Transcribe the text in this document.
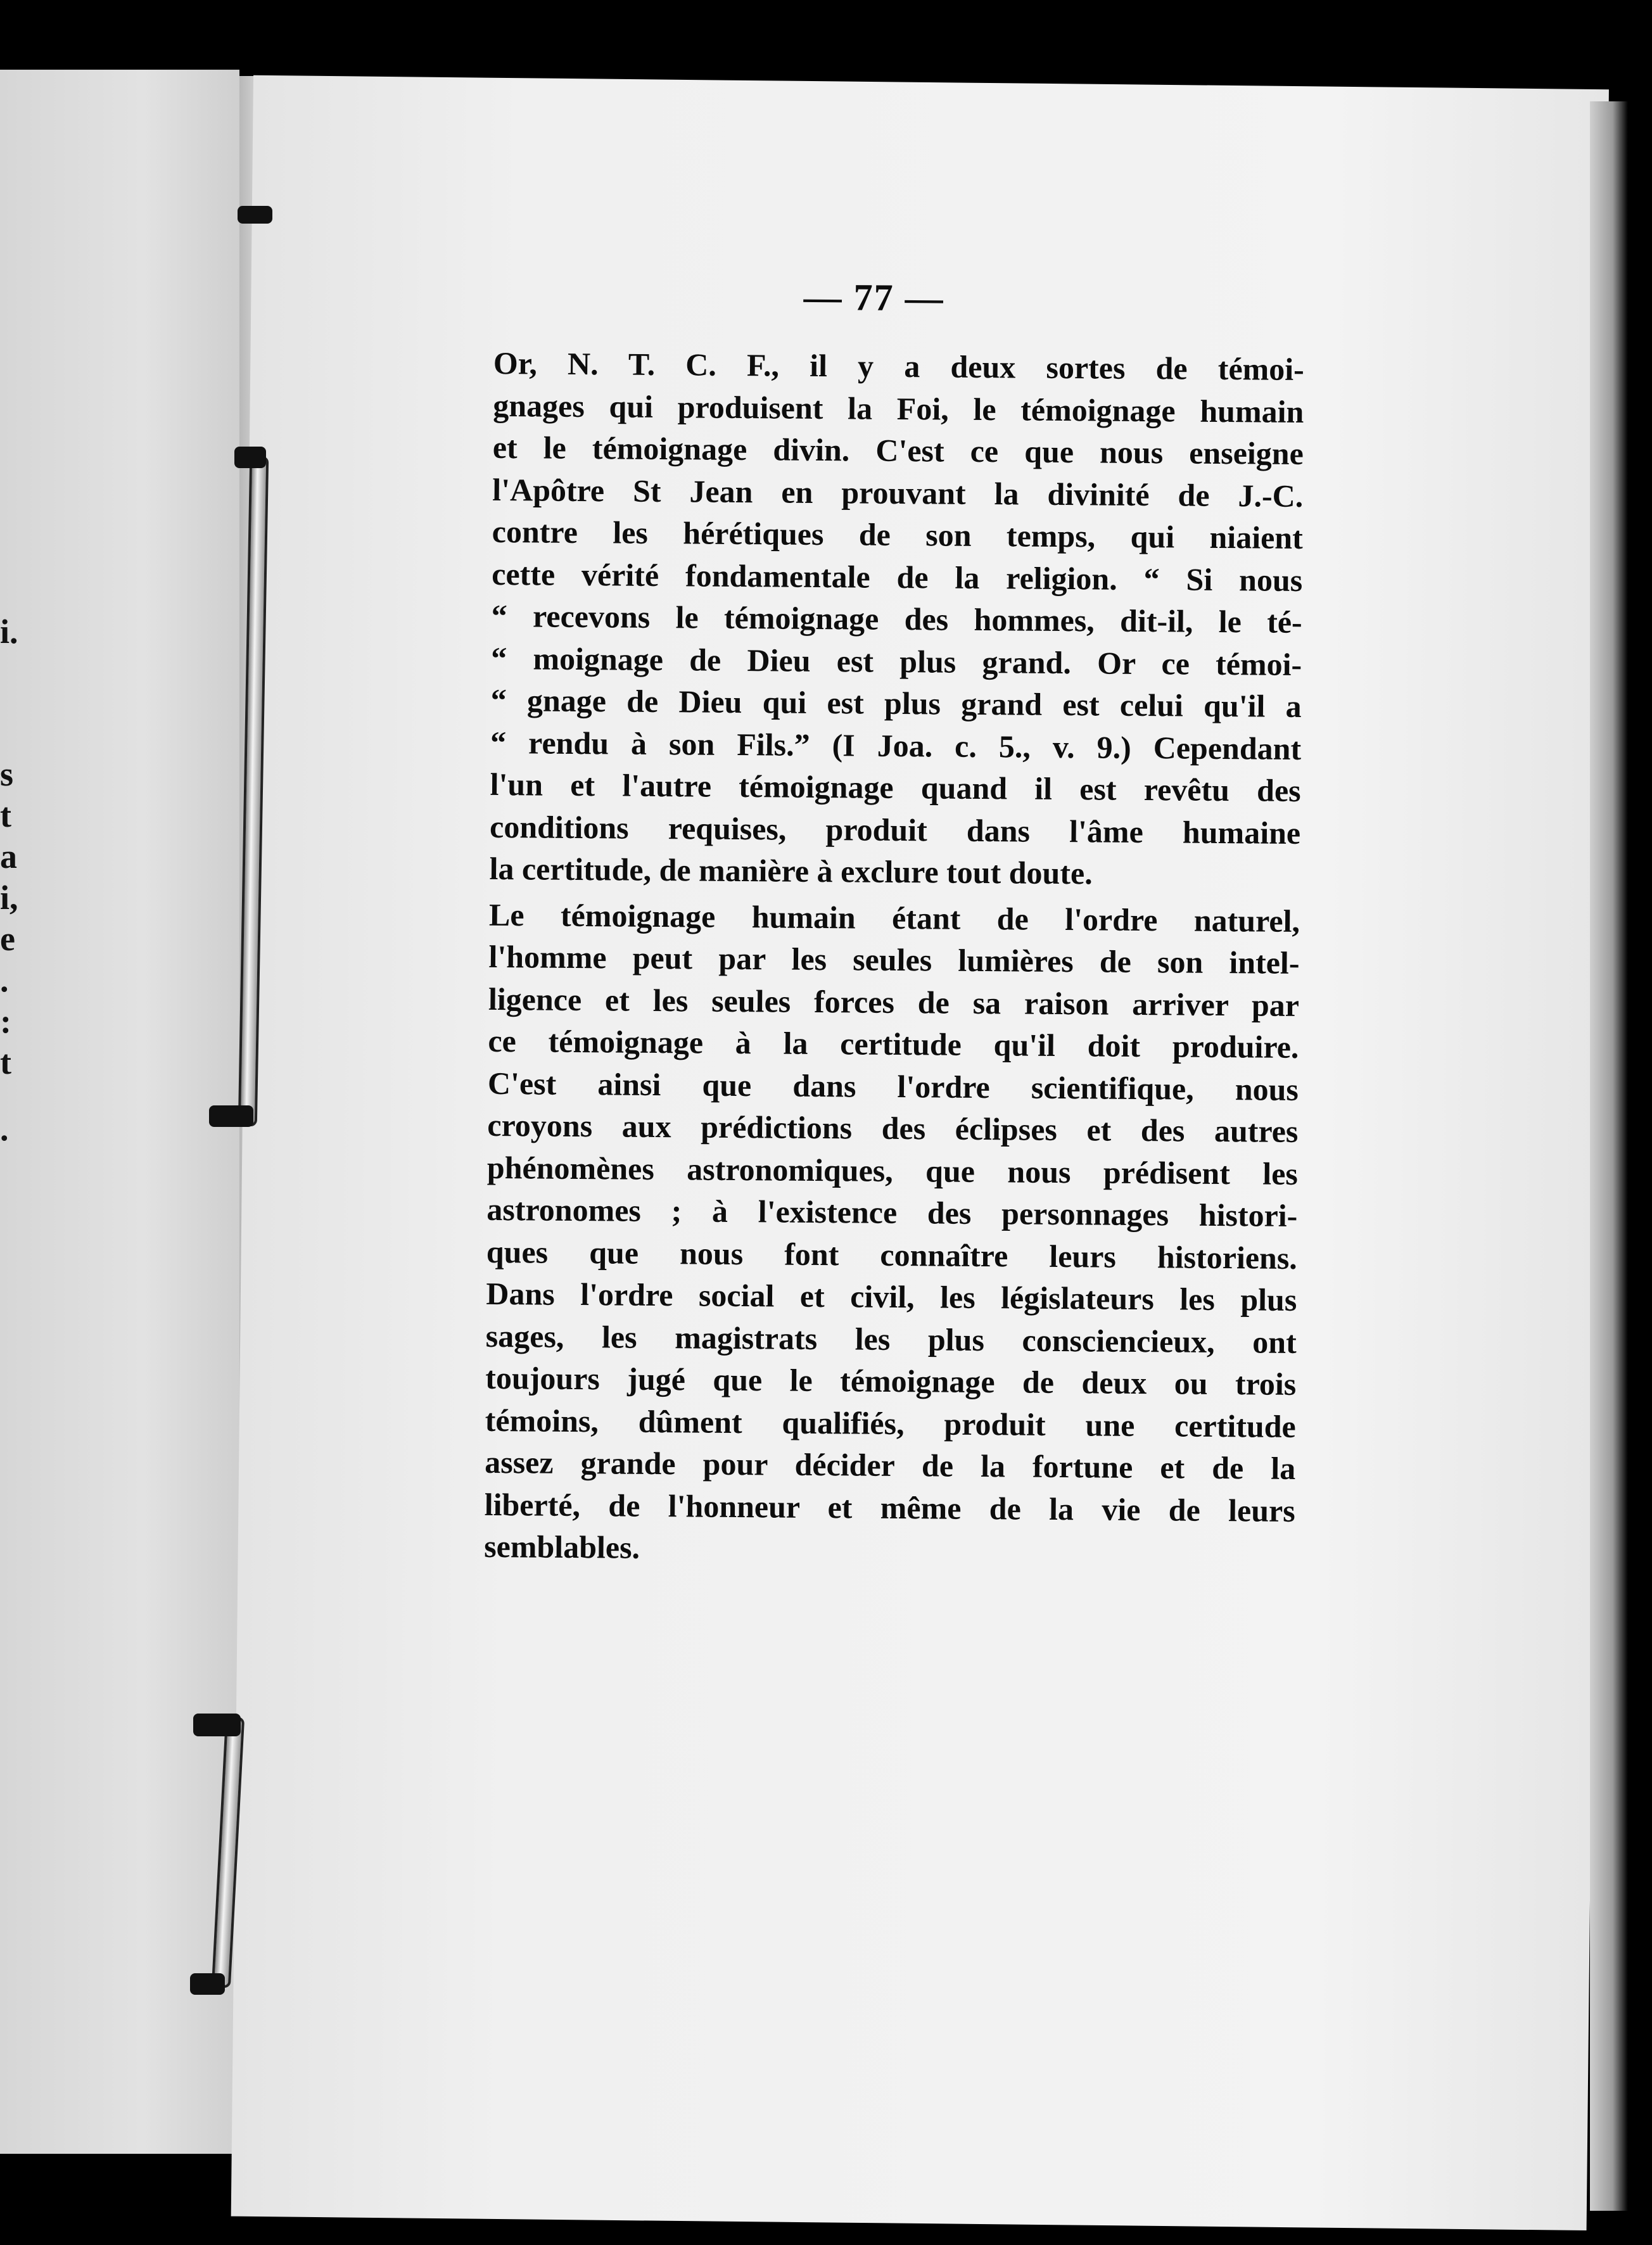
i.
s
t
a
i,
e
.
:
t
.
— 77 —

Or, N. T. C. F., il y a deux sortes de témoi-
gnages qui produisent la Foi, le témoignage humain
et le témoignage divin. C'est ce que nous enseigne
l'Apôtre St Jean en prouvant la divinité de J.-C.
contre les hérétiques de son temps, qui niaient
cette vérité fondamentale de la religion. “ Si nous
“ recevons le témoignage des hommes, dit-il, le té-
“ moignage de Dieu est plus grand. Or ce témoi-
“ gnage de Dieu qui est plus grand est celui qu'il a
“ rendu à son Fils.” (I Joa. c. 5., v. 9.) Cependant
l'un et l'autre témoignage quand il est revêtu des
conditions requises, produit dans l'âme humaine
la certitude, de manière à exclure tout doute.

Le témoignage humain étant de l'ordre naturel,
l'homme peut par les seules lumières de son intel-
ligence et les seules forces de sa raison arriver par
ce témoignage à la certitude qu'il doit produire.
C'est ainsi que dans l'ordre scientifique, nous
croyons aux prédictions des éclipses et des autres
phénomènes astronomiques, que nous prédisent les
astronomes ; à l'existence des personnages histori-
ques que nous font connaître leurs historiens.
Dans l'ordre social et civil, les législateurs les plus
sages, les magistrats les plus consciencieux, ont
toujours jugé que le témoignage de deux ou trois
témoins, dûment qualifiés, produit une certitude
assez grande pour décider de la fortune et de la
liberté, de l'honneur et même de la vie de leurs
semblables.
